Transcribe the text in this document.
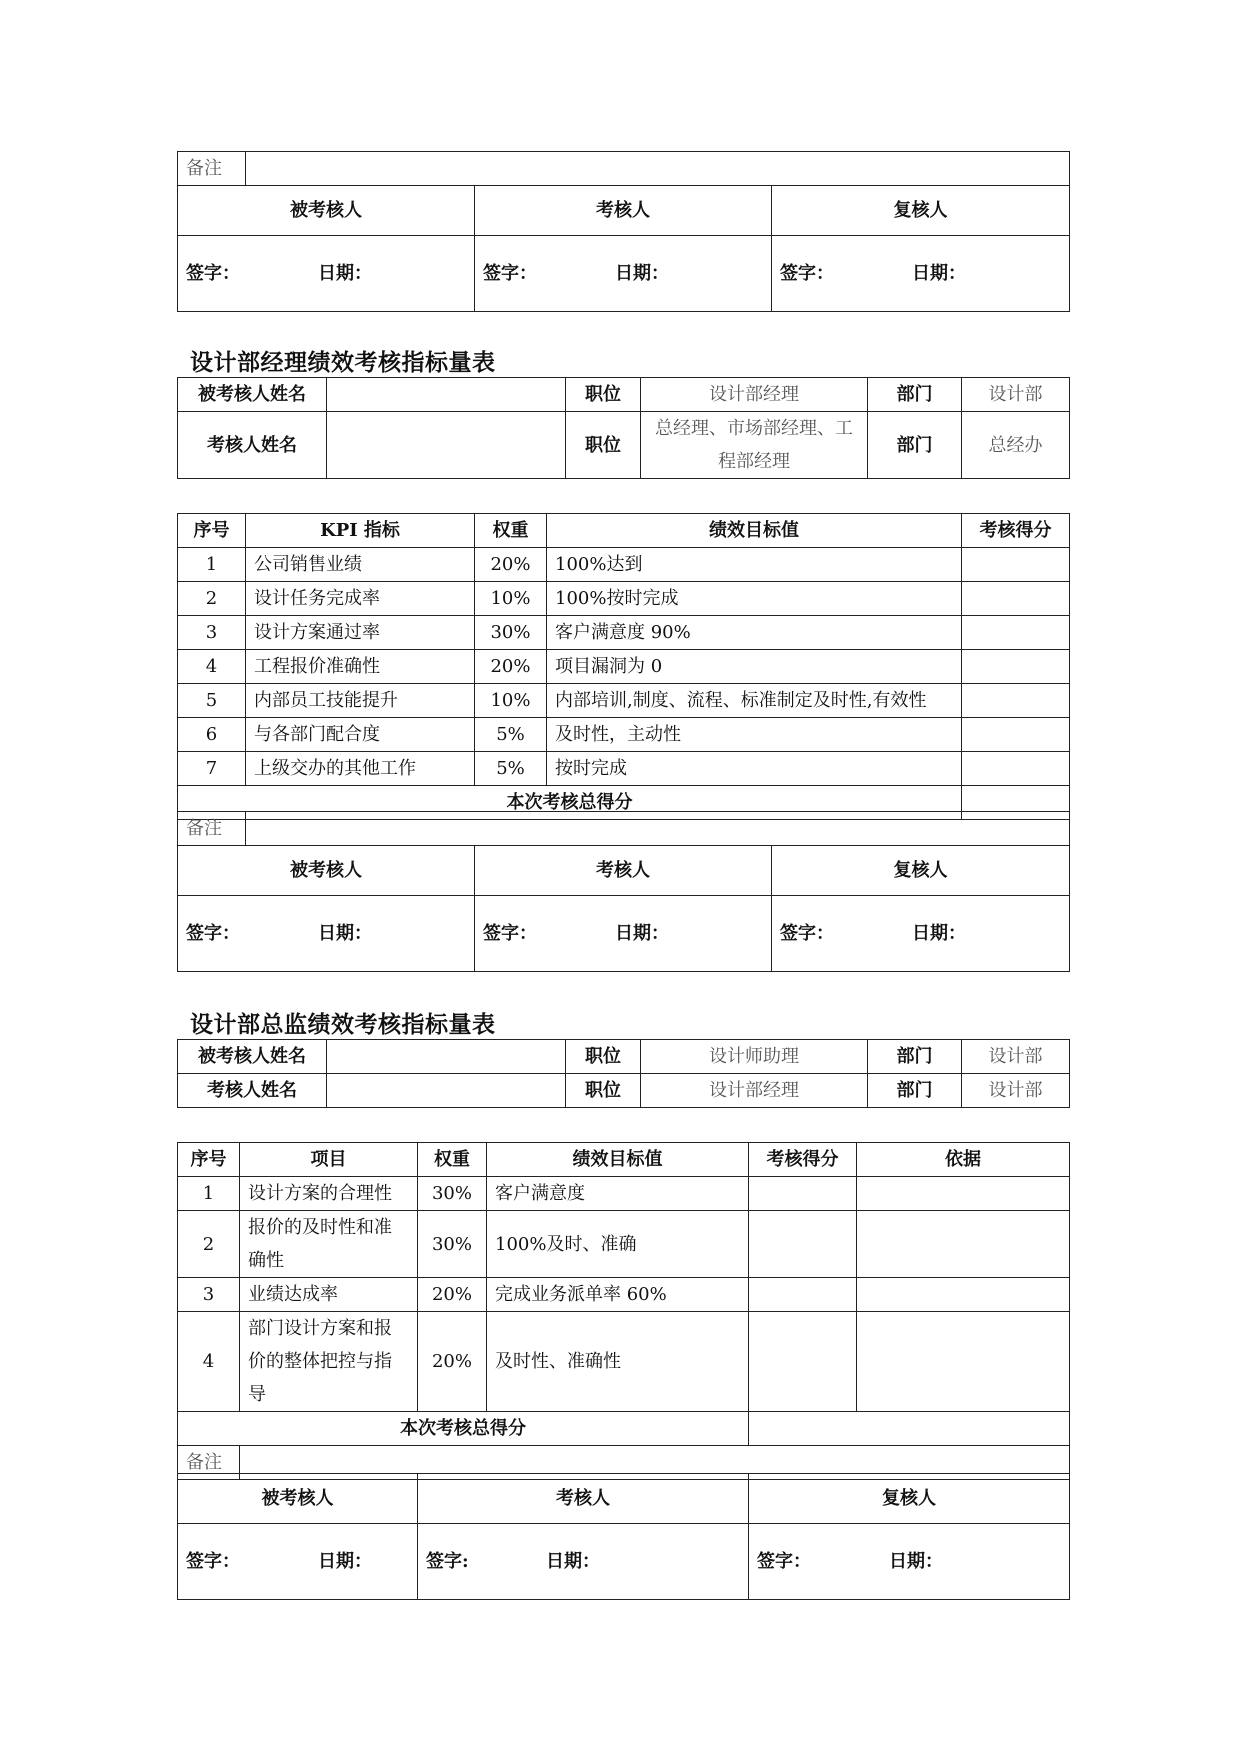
备注			
被考核人		考核人	复核人

签字： 日期：		签字： 日期：	签字： 日期：
设计部经理绩效考核指标量表
被考核人姓名		职位	设计部经理	部门	设计部
考核人姓名		职位	总经理、市场部经理、工程部经理	部门	总经办
序号	KPI 指标	权重	绩效目标值	考核得分
1	公司销售业绩	20%	100%达到	
2	设计任务完成率	10%	100%按时完成	
3	设计方案通过率	30%	客户满意度 90%	
4	工程报价准确性	20%	项目漏洞为 0	
5	内部员工技能提升	10%	内部培训,制度、流程、标准制定及时性,有效性	
6	与各部门配合度	5%	及时性，主动性	
7	上级交办的其他工作	5%	按时完成	
本次考核总得分				
备注			
被考核人		考核人	复核人

签字： 日期：		签字： 日期：	签字： 日期：
设计部总监绩效考核指标量表
被考核人姓名		职位	设计师助理	部门	设计部
考核人姓名		职位	设计部经理	部门	设计部
序号	项目	权重	绩效目标值	考核得分	依据
1	设计方案的合理性	30%	客户满意度		
2	报价的及时性和准确性	30%	100%及时、准确		
3	业绩达成率	20%	完成业务派单率 60%		
4	部门设计方案和报价的整体把控与指导	20%	及时性、准确性		
本次考核总得分					
备注					
被考核人	考核人	复核人

签字： 日期：	签字: 日期：	签字： 日期：
